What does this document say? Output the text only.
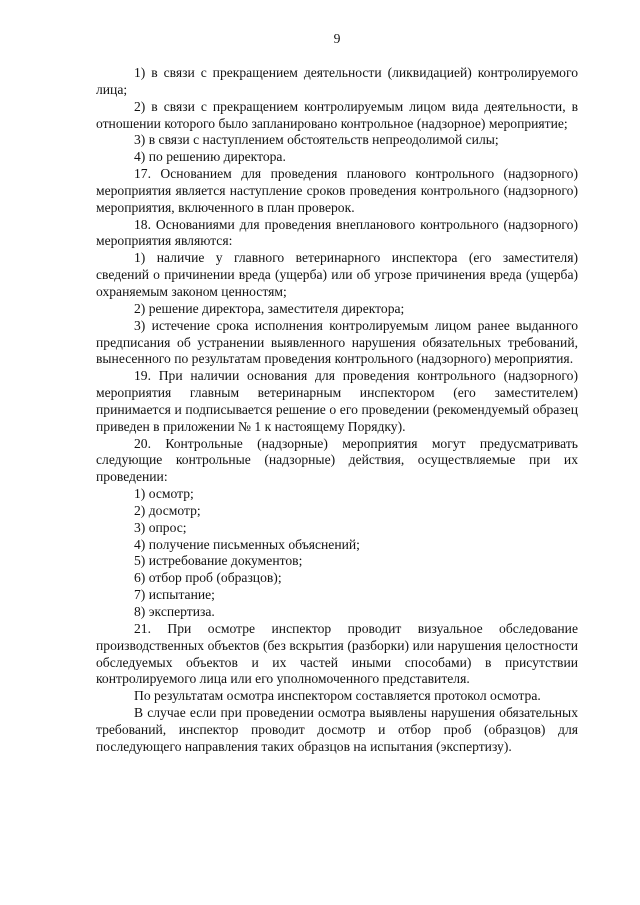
9

1) в связи с прекращением деятельности (ликвидацией) контролируемого лица;

2) в связи с прекращением контролируемым лицом вида деятельности, в отношении которого было запланировано контрольное (надзорное) мероприятие;

3) в связи с наступлением обстоятельств непреодолимой силы;

4) по решению директора.

17. Основанием для проведения планового контрольного (надзорного) мероприятия является наступление сроков проведения контрольного (надзорного) мероприятия, включенного в план проверок.

18. Основаниями для проведения внепланового контрольного (надзорного) мероприятия являются:

1) наличие у главного ветеринарного инспектора (его заместителя) сведений о причинении вреда (ущерба) или об угрозе причинения вреда (ущерба) охраняемым законом ценностям;

2) решение директора, заместителя директора;

3) истечение срока исполнения контролируемым лицом ранее выданного предписания об устранении выявленного нарушения обязательных требований, вынесенного по результатам проведения контрольного (надзорного) мероприятия.

19. При наличии основания для проведения контрольного (надзорного) мероприятия главным ветеринарным инспектором (его заместителем) принимается и подписывается решение о его проведении (рекомендуемый образец приведен в приложении № 1 к настоящему Порядку).

20. Контрольные (надзорные) мероприятия могут предусматривать следующие контрольные (надзорные) действия, осуществляемые при их проведении:

1) осмотр;

2) досмотр;

3) опрос;

4) получение письменных объяснений;

5) истребование документов;

6) отбор проб (образцов);

7) испытание;

8) экспертиза.

21. При осмотре инспектор проводит визуальное обследование производственных объектов (без вскрытия (разборки) или нарушения целостности обследуемых объектов и их частей иными способами) в присутствии контролируемого лица или его уполномоченного представителя.

По результатам осмотра инспектором составляется протокол осмотра.

В случае если при проведении осмотра выявлены нарушения обязательных требований, инспектор проводит досмотр и отбор проб (образцов) для последующего направления таких образцов на испытания (экспертизу).
